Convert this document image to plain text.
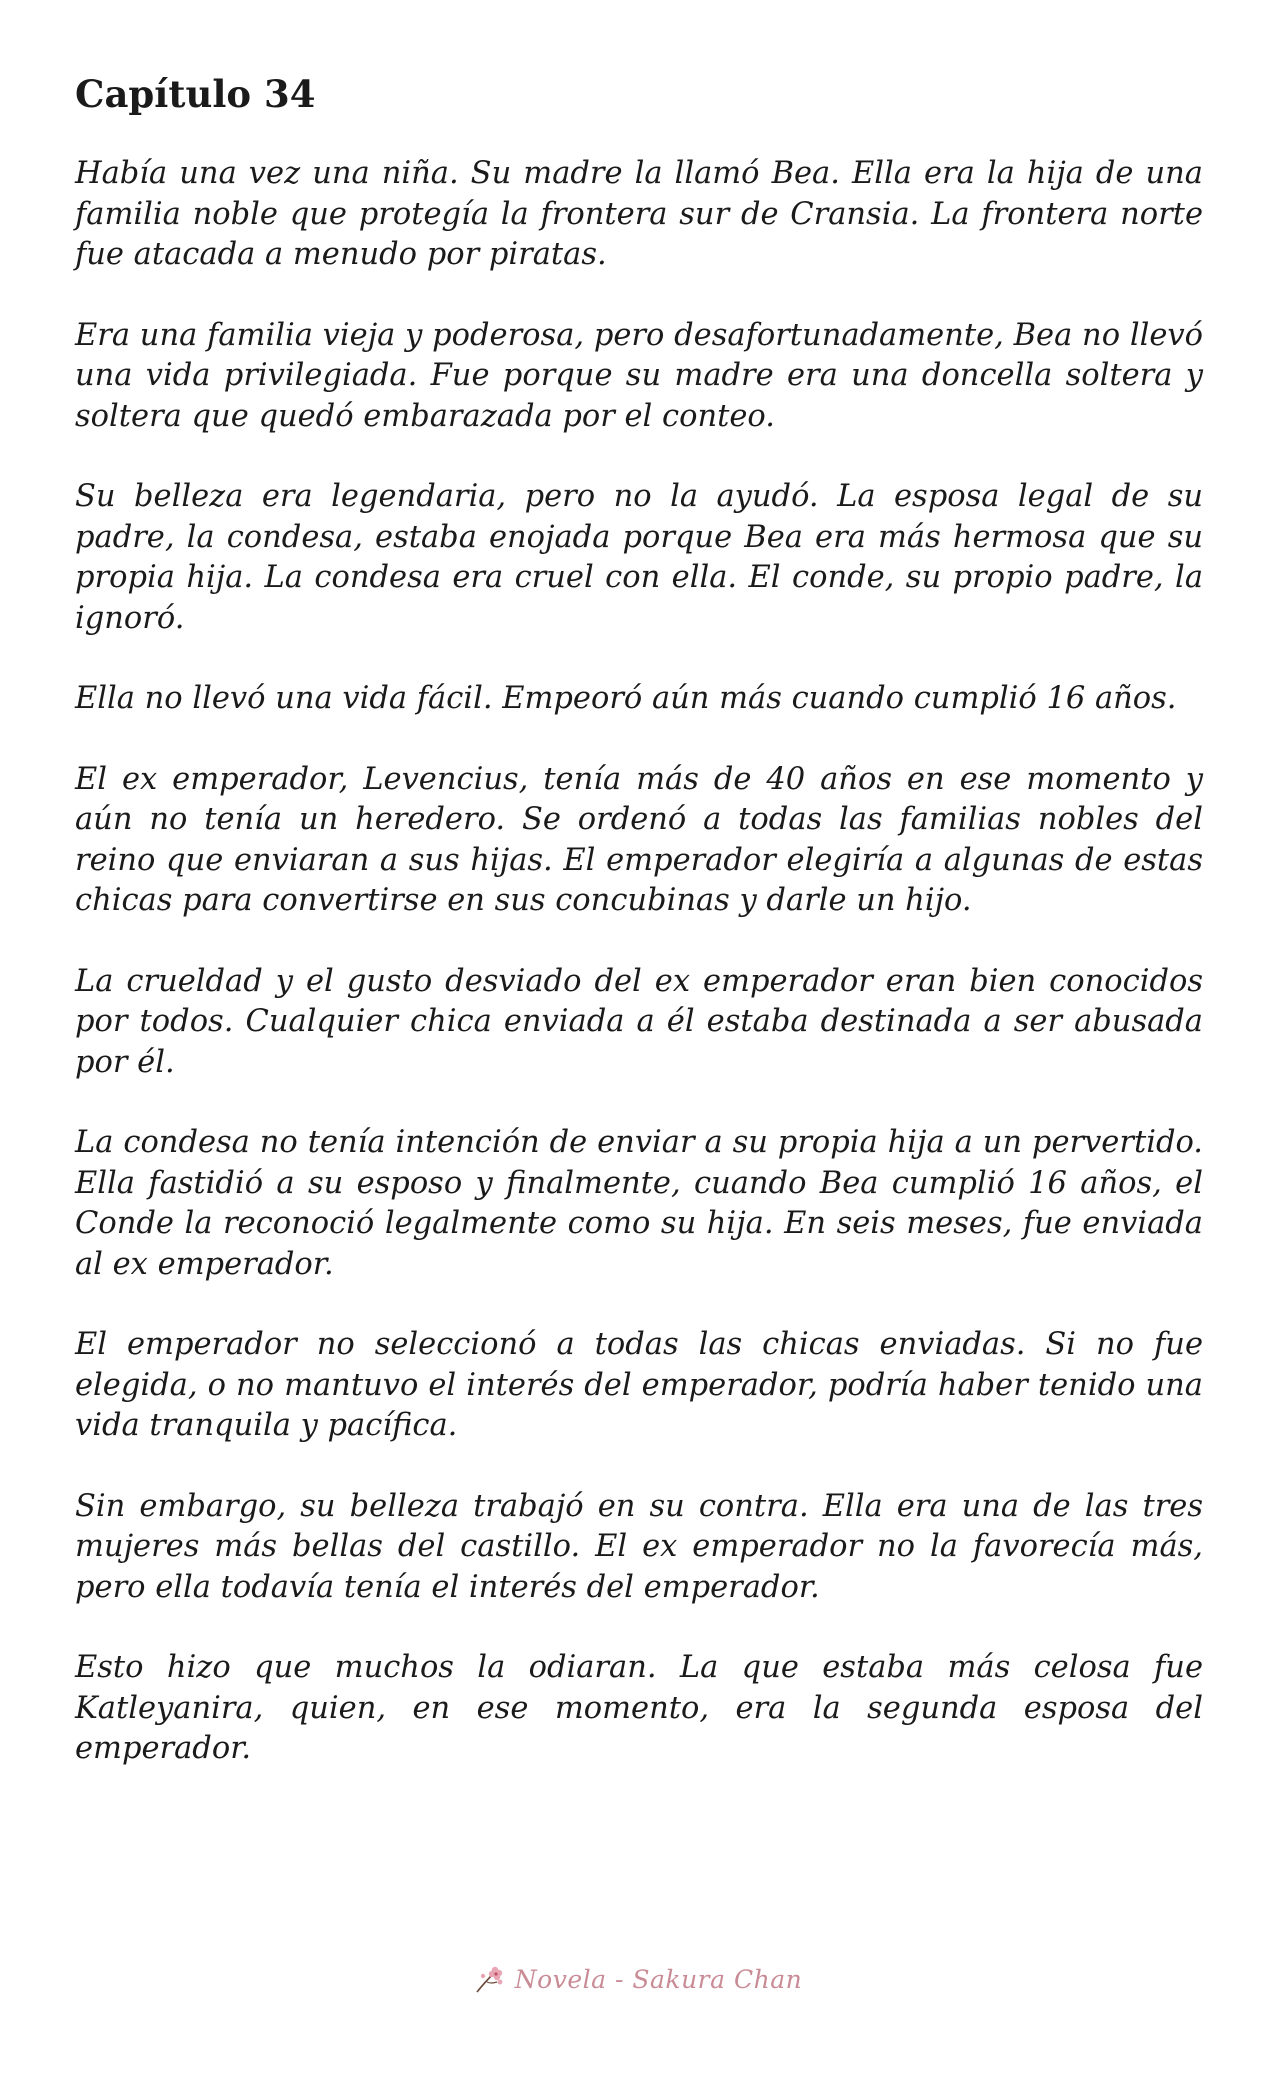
Capítulo 34

Había una vez una niña. Su madre la llamó Bea. Ella era la hija de una familia noble que protegía la frontera sur de Cransia. La frontera norte fue atacada a menudo por piratas.

Era una familia vieja y poderosa, pero desafortunadamente, Bea no llevó una vida privilegiada. Fue porque su madre era una doncella soltera y soltera que quedó embarazada por el conteo.

Su belleza era legendaria, pero no la ayudó. La esposa legal de su padre, la condesa, estaba enojada porque Bea era más hermosa que su propia hija. La condesa era cruel con ella. El conde, su propio padre, la ignoró.

Ella no llevó una vida fácil. Empeoró aún más cuando cumplió 16 años.

El ex emperador, Levencius, tenía más de 40 años en ese momento y aún no tenía un heredero. Se ordenó a todas las familias nobles del reino que enviaran a sus hijas. El emperador elegiría a algunas de estas chicas para convertirse en sus concubinas y darle un hijo.

La crueldad y el gusto desviado del ex emperador eran bien conocidos por todos. Cualquier chica enviada a él estaba destinada a ser abusada por él.

La condesa no tenía intención de enviar a su propia hija a un pervertido. Ella fastidió a su esposo y finalmente, cuando Bea cumplió 16 años, el Conde la reconoció legalmente como su hija. En seis meses, fue enviada al ex emperador.

El emperador no seleccionó a todas las chicas enviadas. Si no fue elegida, o no mantuvo el interés del emperador, podría haber tenido una vida tranquila y pacífica.

Sin embargo, su belleza trabajó en su contra. Ella era una de las tres mujeres más bellas del castillo. El ex emperador no la favorecía más, pero ella todavía tenía el interés del emperador.

Esto hizo que muchos la odiaran. La que estaba más celosa fue Katleyanira, quien, en ese momento, era la segunda esposa del emperador.

Novela - Sakura Chan
